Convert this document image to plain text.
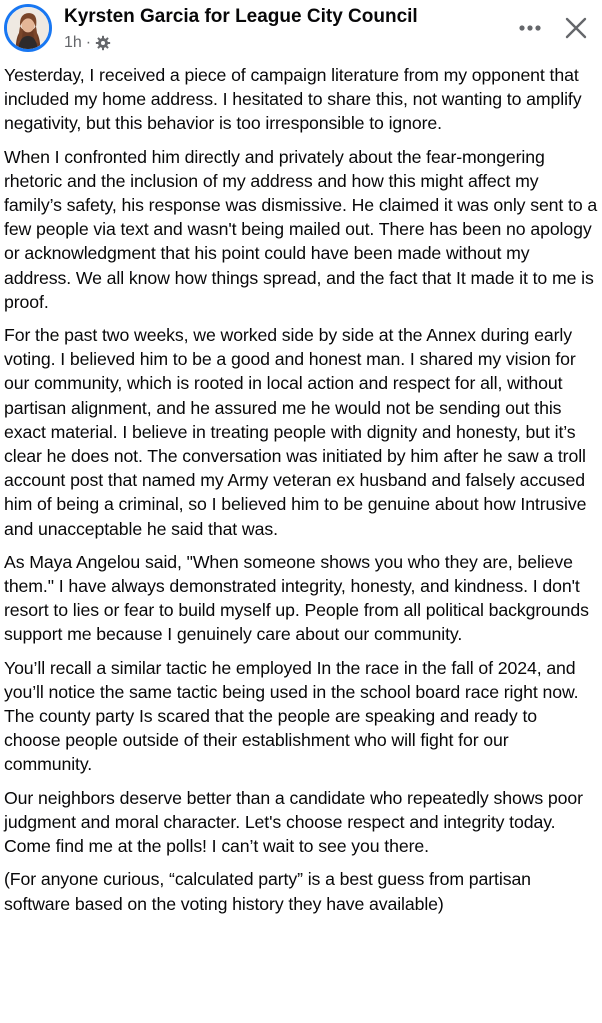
Kyrsten Garcia for League City Council
1h ·

Yesterday, I received a piece of campaign literature from my opponent that included my home address. I hesitated to share this, not wanting to amplify negativity, but this behavior is too irresponsible to ignore.

When I confronted him directly and privately about the fear-mongering rhetoric and the inclusion of my address and how this might affect my family’s safety, his response was dismissive. He claimed it was only sent to a few people via text and wasn't being mailed out. There has been no apology or acknowledgment that his point could have been made without my address. We all know how things spread, and the fact that It made it to me is proof.

For the past two weeks, we worked side by side at the Annex during early voting. I believed him to be a good and honest man. I shared my vision for our community, which is rooted in local action and respect for all, without partisan alignment, and he assured me he would not be sending out this exact material. I believe in treating people with dignity and honesty, but it’s clear he does not. The conversation was initiated by him after he saw a troll account post that named my Army veteran ex husband and falsely accused him of being a criminal, so I believed him to be genuine about how Intrusive and unacceptable he said that was.

As Maya Angelou said, "When someone shows you who they are, believe them." I have always demonstrated integrity, honesty, and kindness. I don't resort to lies or fear to build myself up. People from all political backgrounds support me because I genuinely care about our community.

You’ll recall a similar tactic he employed In the race in the fall of 2024, and you’ll notice the same tactic being used in the school board race right now. The county party Is scared that the people are speaking and ready to choose people outside of their establishment who will fight for our community.

Our neighbors deserve better than a candidate who repeatedly shows poor judgment and moral character. Let's choose respect and integrity today. Come find me at the polls! I can’t wait to see you there.

(For anyone curious, “calculated party” is a best guess from partisan software based on the voting history they have available)
